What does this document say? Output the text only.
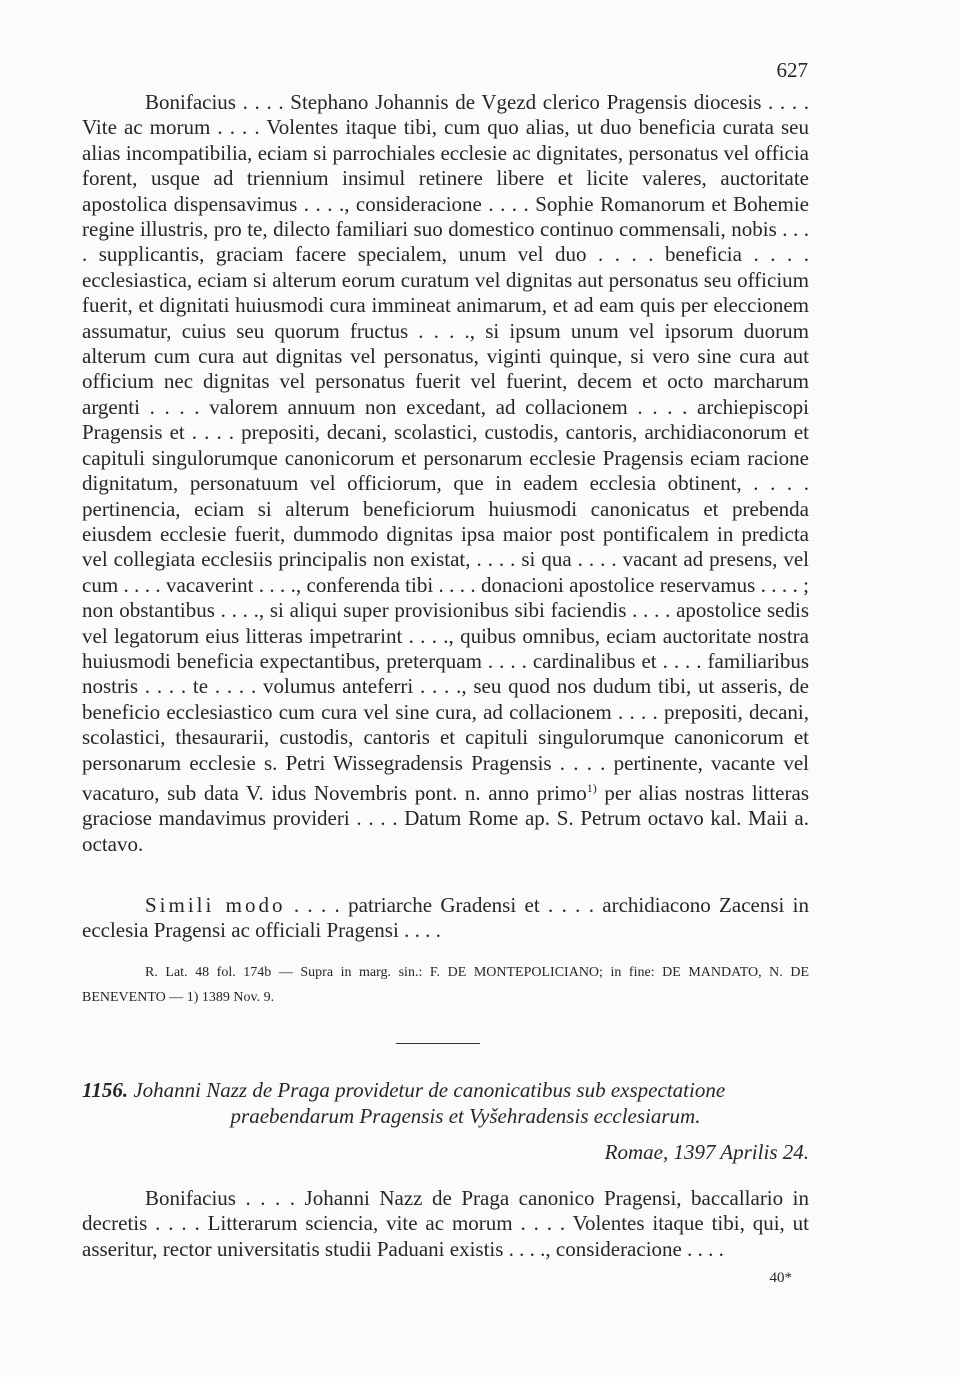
627

Bonifacius . . . . Stephano Johannis de Vgezd clerico Pragensis diocesis . . . . Vite ac morum . . . . Volentes itaque tibi, cum quo alias, ut duo beneficia curata seu alias incompatibilia, eciam si parrochiales ecclesie ac dignitates, personatus vel officia forent, usque ad triennium insimul retinere libere et licite valeres, auctoritate apostolica dispensavimus . . . ., consideracione . . . . Sophie Romanorum et Bohemie regine illustris, pro te, dilecto familiari suo domestico continuo commensali, nobis . . . . supplicantis, graciam facere specialem, unum vel duo . . . . beneficia . . . . ecclesiastica, eciam si alterum eorum curatum vel dignitas aut personatus seu officium fuerit, et dignitati huiusmodi cura immineat animarum, et ad eam quis per eleccionem assumatur, cuius seu quorum fructus . . . ., si ipsum unum vel ipsorum duorum alterum cum cura aut dignitas vel personatus, viginti quinque, si vero sine cura aut officium nec dignitas vel personatus fuerit vel fuerint, decem et octo marcharum argenti . . . . valorem annuum non excedant, ad collacionem . . . . archiepiscopi Pragensis et . . . . prepositi, decani, scolastici, custodis, cantoris, archidiaconorum et capituli singulorumque canonicorum et personarum ecclesie Pragensis eciam racione dignitatum, personatuum vel officiorum, que in eadem ecclesia obtinent, . . . . pertinencia, eciam si alterum beneficiorum huiusmodi canonicatus et prebenda eiusdem ecclesie fuerit, dummodo dignitas ipsa maior post pontificalem in predicta vel collegiata ecclesiis principalis non existat, . . . . si qua . . . . vacant ad presens, vel cum . . . . vacaverint . . . ., conferenda tibi . . . . donacioni apostolice reservamus . . . . ; non obstantibus . . . ., si aliqui super provisionibus sibi faciendis . . . . apostolice sedis vel legatorum eius litteras impetrarint . . . ., quibus omnibus, eciam auctoritate nostra huiusmodi beneficia expectantibus, preterquam . . . . cardinalibus et . . . . familiaribus nostris . . . . te . . . . volumus anteferri . . . ., seu quod nos dudum tibi, ut asseris, de beneficio ecclesiastico cum cura vel sine cura, ad collacionem . . . . prepositi, decani, scolastici, thesaurarii, custodis, cantoris et capituli singulorumque canonicorum et personarum ecclesie s. Petri Wissegradensis Pragensis . . . . pertinente, vacante vel vacaturo, sub data V. idus Novembris pont. n. anno primo$^{1)}$ per alias nostras litteras graciose mandavimus provideri . . . . Datum Rome ap. S. Petrum octavo kal. Maii a. octavo.

Simili modo . . . . patriarche Gradensi et . . . . archidiacono Zacensi in ecclesia Pragensi ac officiali Pragensi . . . .

R. Lat. 48 fol. 174b — Supra in marg. sin.: F. DE MONTEPOLICIANO; in fine: DE MANDATO, N. DE BENEVENTO — 1) 1389 Nov. 9.

1156. Johanni Nazz de Praga providetur de canonicatibus sub exspectatione
praebendarum Pragensis et Vyšehradensis ecclesiarum.

Romae, 1397 Aprilis 24.

Bonifacius . . . . Johanni Nazz de Praga canonico Pragensi, baccallario in decretis . . . . Litterarum sciencia, vite ac morum . . . . Volentes itaque tibi, qui, ut asseritur, rector universitatis studii Paduani existis . . . ., consideracione . . . .

40*
